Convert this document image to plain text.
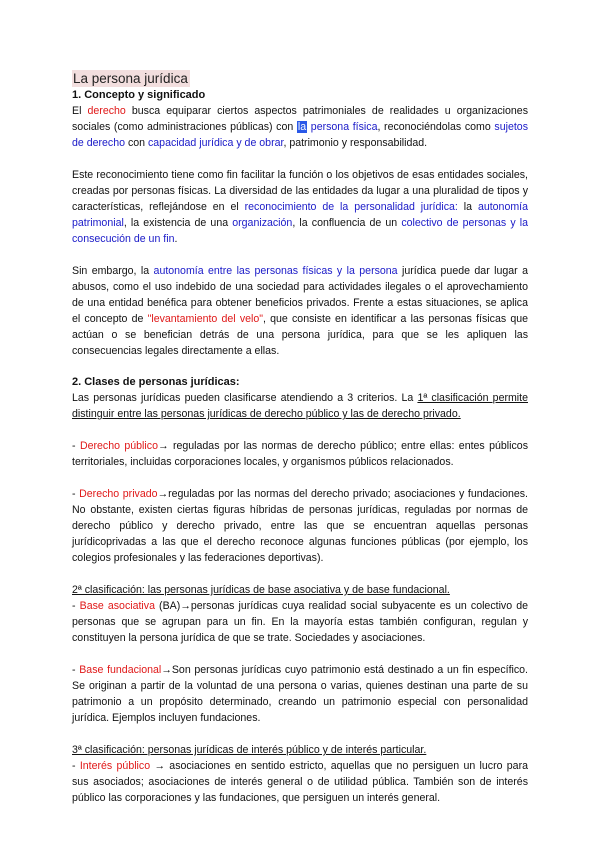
La persona jurídica
1. Concepto y significado

El derecho busca equiparar ciertos aspectos patrimoniales de realidades u organizaciones sociales (como administraciones públicas) con la persona física, reconociéndolas como sujetos de derecho con capacidad jurídica y de obrar, patrimonio y responsabilidad.

Este reconocimiento tiene como fin facilitar la función o los objetivos de esas entidades sociales, creadas por personas físicas. La diversidad de las entidades da lugar a una pluralidad de tipos y características, reflejándose en el reconocimiento de la personalidad jurídica: la autonomía patrimonial, la existencia de una organización, la confluencia de un colectivo de personas y la consecución de un fin.

Sin embargo, la autonomía entre las personas físicas y la persona jurídica puede dar lugar a abusos, como el uso indebido de una sociedad para actividades ilegales o el aprovechamiento de una entidad benéfica para obtener beneficios privados. Frente a estas situaciones, se aplica el concepto de "levantamiento del velo", que consiste en identificar a las personas físicas que actúan o se benefician detrás de una persona jurídica, para que se les apliquen las consecuencias legales directamente a ellas.

2. Clases de personas jurídicas:

Las personas jurídicas pueden clasificarse atendiendo a 3 criterios. La 1ª clasificación permite distinguir entre las personas jurídicas de derecho público y las de derecho privado.

- Derecho público→ reguladas por las normas de derecho público; entre ellas: entes públicos territoriales, incluidas corporaciones locales, y organismos públicos relacionados.

- Derecho privado→reguladas por las normas del derecho privado; asociaciones y fundaciones. No obstante, existen ciertas figuras híbridas de personas jurídicas, reguladas por normas de derecho público y derecho privado, entre las que se encuentran aquellas personas jurídicoprivadas a las que el derecho reconoce algunas funciones públicas (por ejemplo, los colegios profesionales y las federaciones deportivas).

2ª clasificación: las personas jurídicas de base asociativa y de base fundacional.

- Base asociativa (BA)→personas jurídicas cuya realidad social subyacente es un colectivo de personas que se agrupan para un fin. En la mayoría estas también configuran, regulan y constituyen la persona jurídica de que se trate. Sociedades y asociaciones.

- Base fundacional→Son personas jurídicas cuyo patrimonio está destinado a un fin específico. Se originan a partir de la voluntad de una persona o varias, quienes destinan una parte de su patrimonio a un propósito determinado, creando un patrimonio especial con personalidad jurídica. Ejemplos incluyen fundaciones.

3ª clasificación: personas jurídicas de interés público y de interés particular.

- Interés público → asociaciones en sentido estricto, aquellas que no persiguen un lucro para sus asociados; asociaciones de interés general o de utilidad pública. También son de interés público las corporaciones y las fundaciones, que persiguen un interés general.
